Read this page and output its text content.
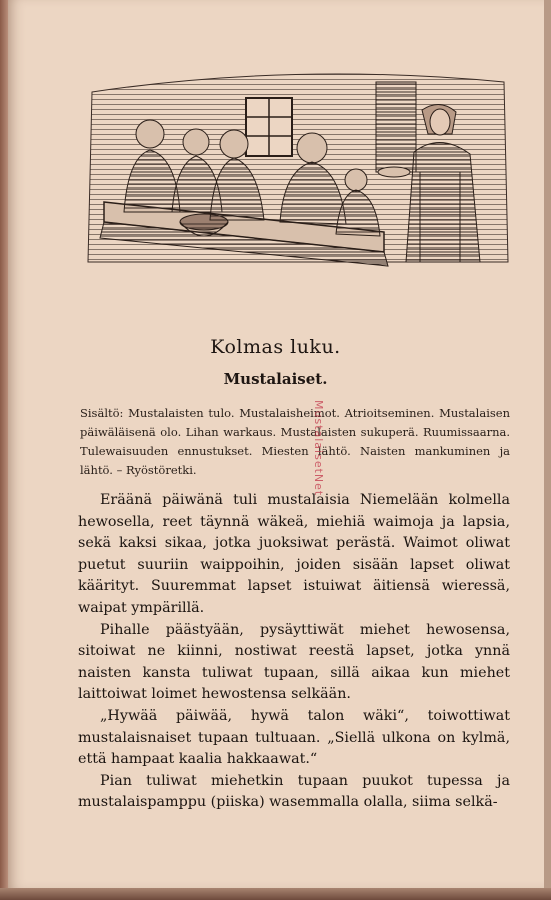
Kolmas luku.
Mustalaiset.
Sisältö: Mustalaisten tulo. Mustalaisheimot. Atrioitseminen. Mustalaisen päiwäläisenä olo. Lihan warkaus. Mustalaisten sukuperä. Ruumissaarna. Tulewaisuuden ennustukset. Miesten lähtö. Naisten mankuminen ja lähtö. – Ryöstöretki.

Eräänä päiwänä tuli mustalaisia Niemelään kolmella hewosella, reet täynnä wäkeä, miehiä waimoja ja lapsia, sekä kaksi sikaa, jotka juoksiwat perästä. Waimot oliwat puetut suuriin waippoihin, joiden sisään lapset oliwat käärityt. Suuremmat lapset istuiwat äitiensä wieressä, waipat ympärillä.

Pihalle päästyään, pysäyttiwät miehet hewosensa, sitoiwat ne kiinni, nostiwat reestä lapset, jotka ynnä naisten kansta tuliwat tupaan, sillä aikaa kun miehet laittoiwat loimet hewostensa selkään.

„Hywää päiwää, hywä talon wäki“, toiwottiwat mustalaisnaiset tupaan tultuaan. „Siellä ulkona on kylmä, että hampaat kaalia hakkaawat.“

Pian tuliwat miehetkin tupaan puukot tupessa ja mustalaispamppu (piiska) wasemmalla olalla, siima selkä-

MustalaisetNet
